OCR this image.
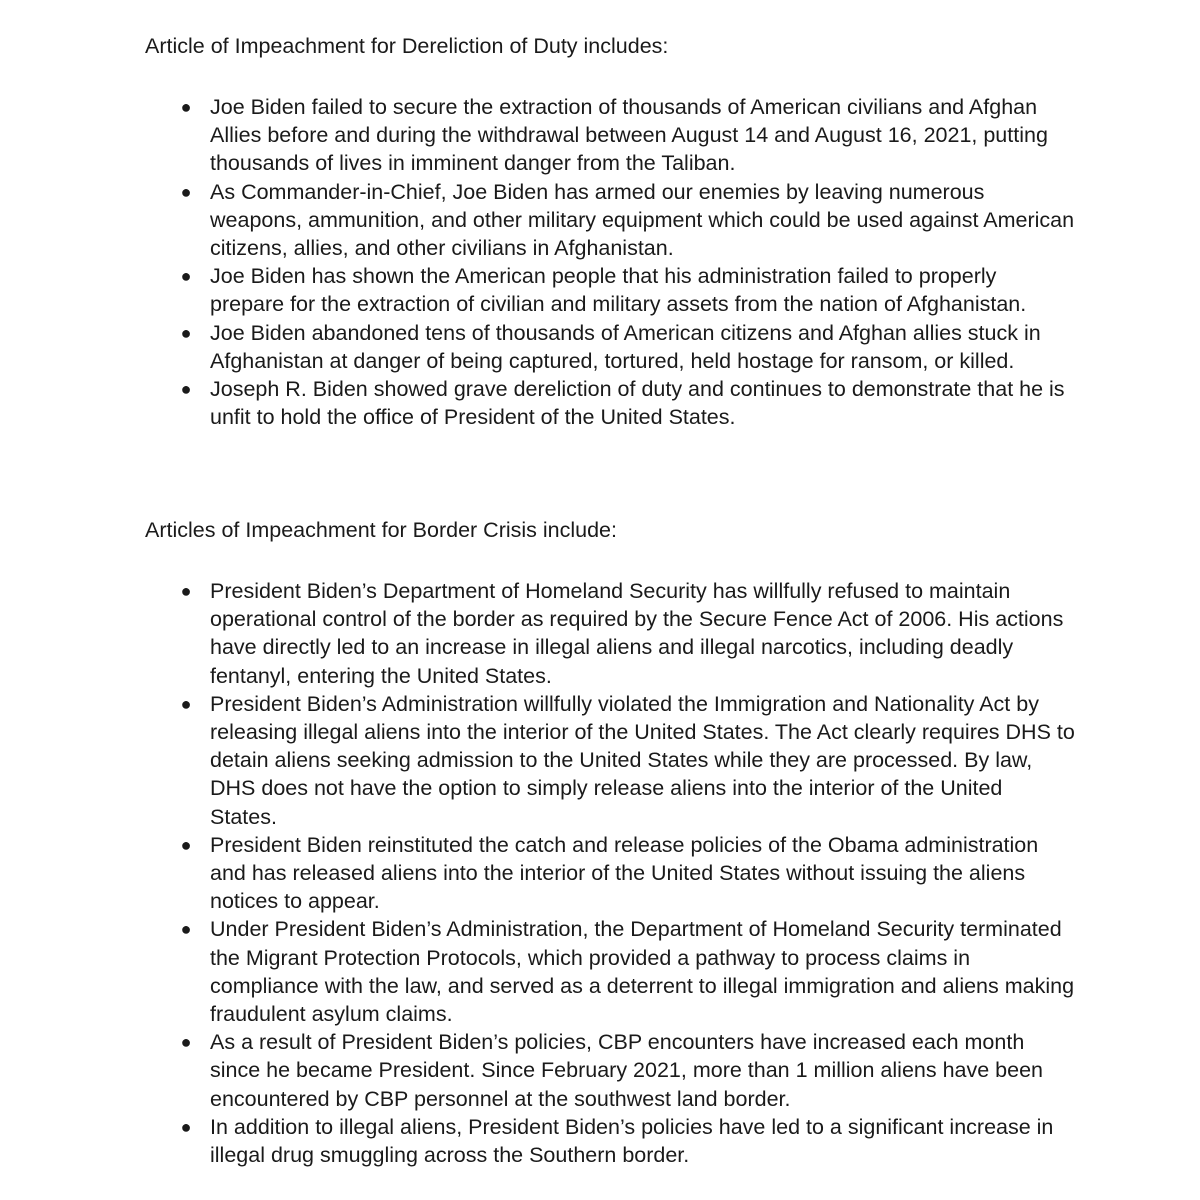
Article of Impeachment for Dereliction of Duty includes:
● Joe Biden failed to secure the extraction of thousands of American civilians and Afghan Allies before and during the withdrawal between August 14 and August 16, 2021, putting thousands of lives in imminent danger from the Taliban.
● As Commander-in-Chief, Joe Biden has armed our enemies by leaving numerous weapons, ammunition, and other military equipment which could be used against American citizens, allies, and other civilians in Afghanistan.
● Joe Biden has shown the American people that his administration failed to properly prepare for the extraction of civilian and military assets from the nation of Afghanistan.
● Joe Biden abandoned tens of thousands of American citizens and Afghan allies stuck in Afghanistan at danger of being captured, tortured, held hostage for ransom, or killed.
● Joseph R. Biden showed grave dereliction of duty and continues to demonstrate that he is unfit to hold the office of President of the United States.
Articles of Impeachment for Border Crisis include:
● President Biden’s Department of Homeland Security has willfully refused to maintain operational control of the border as required by the Secure Fence Act of 2006. His actions have directly led to an increase in illegal aliens and illegal narcotics, including deadly fentanyl, entering the United States.
● President Biden’s Administration willfully violated the Immigration and Nationality Act by releasing illegal aliens into the interior of the United States. The Act clearly requires DHS to detain aliens seeking admission to the United States while they are processed. By law, DHS does not have the option to simply release aliens into the interior of the United States.
● President Biden reinstituted the catch and release policies of the Obama administration and has released aliens into the interior of the United States without issuing the aliens notices to appear.
● Under President Biden’s Administration, the Department of Homeland Security terminated the Migrant Protection Protocols, which provided a pathway to process claims in compliance with the law, and served as a deterrent to illegal immigration and aliens making fraudulent asylum claims.
● As a result of President Biden’s policies, CBP encounters have increased each month since he became President. Since February 2021, more than 1 million aliens have been encountered by CBP personnel at the southwest land border.
● In addition to illegal aliens, President Biden’s policies have led to a significant increase in illegal drug smuggling across the Southern border.
